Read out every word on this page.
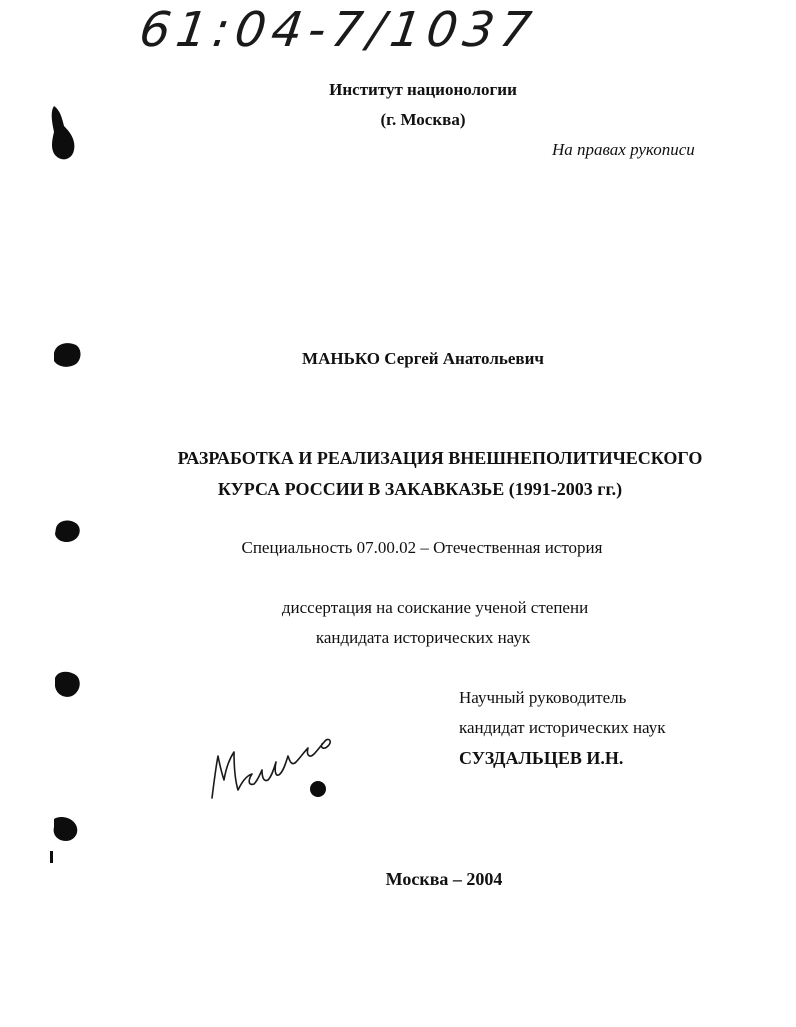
61:04-7/1037
Институт национологии
(г. Москва)
На правах рукописи
МАНЬКО Сергей Анатольевич
РАЗРАБОТКА И РЕАЛИЗАЦИЯ ВНЕШНЕПОЛИТИЧЕСКОГО
КУРСА РОССИИ В ЗАКАВКАЗЬЕ (1991-2003 гг.)
Специальность 07.00.02 – Отечественная история
диссертация на соискание ученой степени
кандидата исторических наук
Научный руководитель
кандидат исторических наук
СУЗДАЛЬЦЕВ И.Н.
Москва – 2004
